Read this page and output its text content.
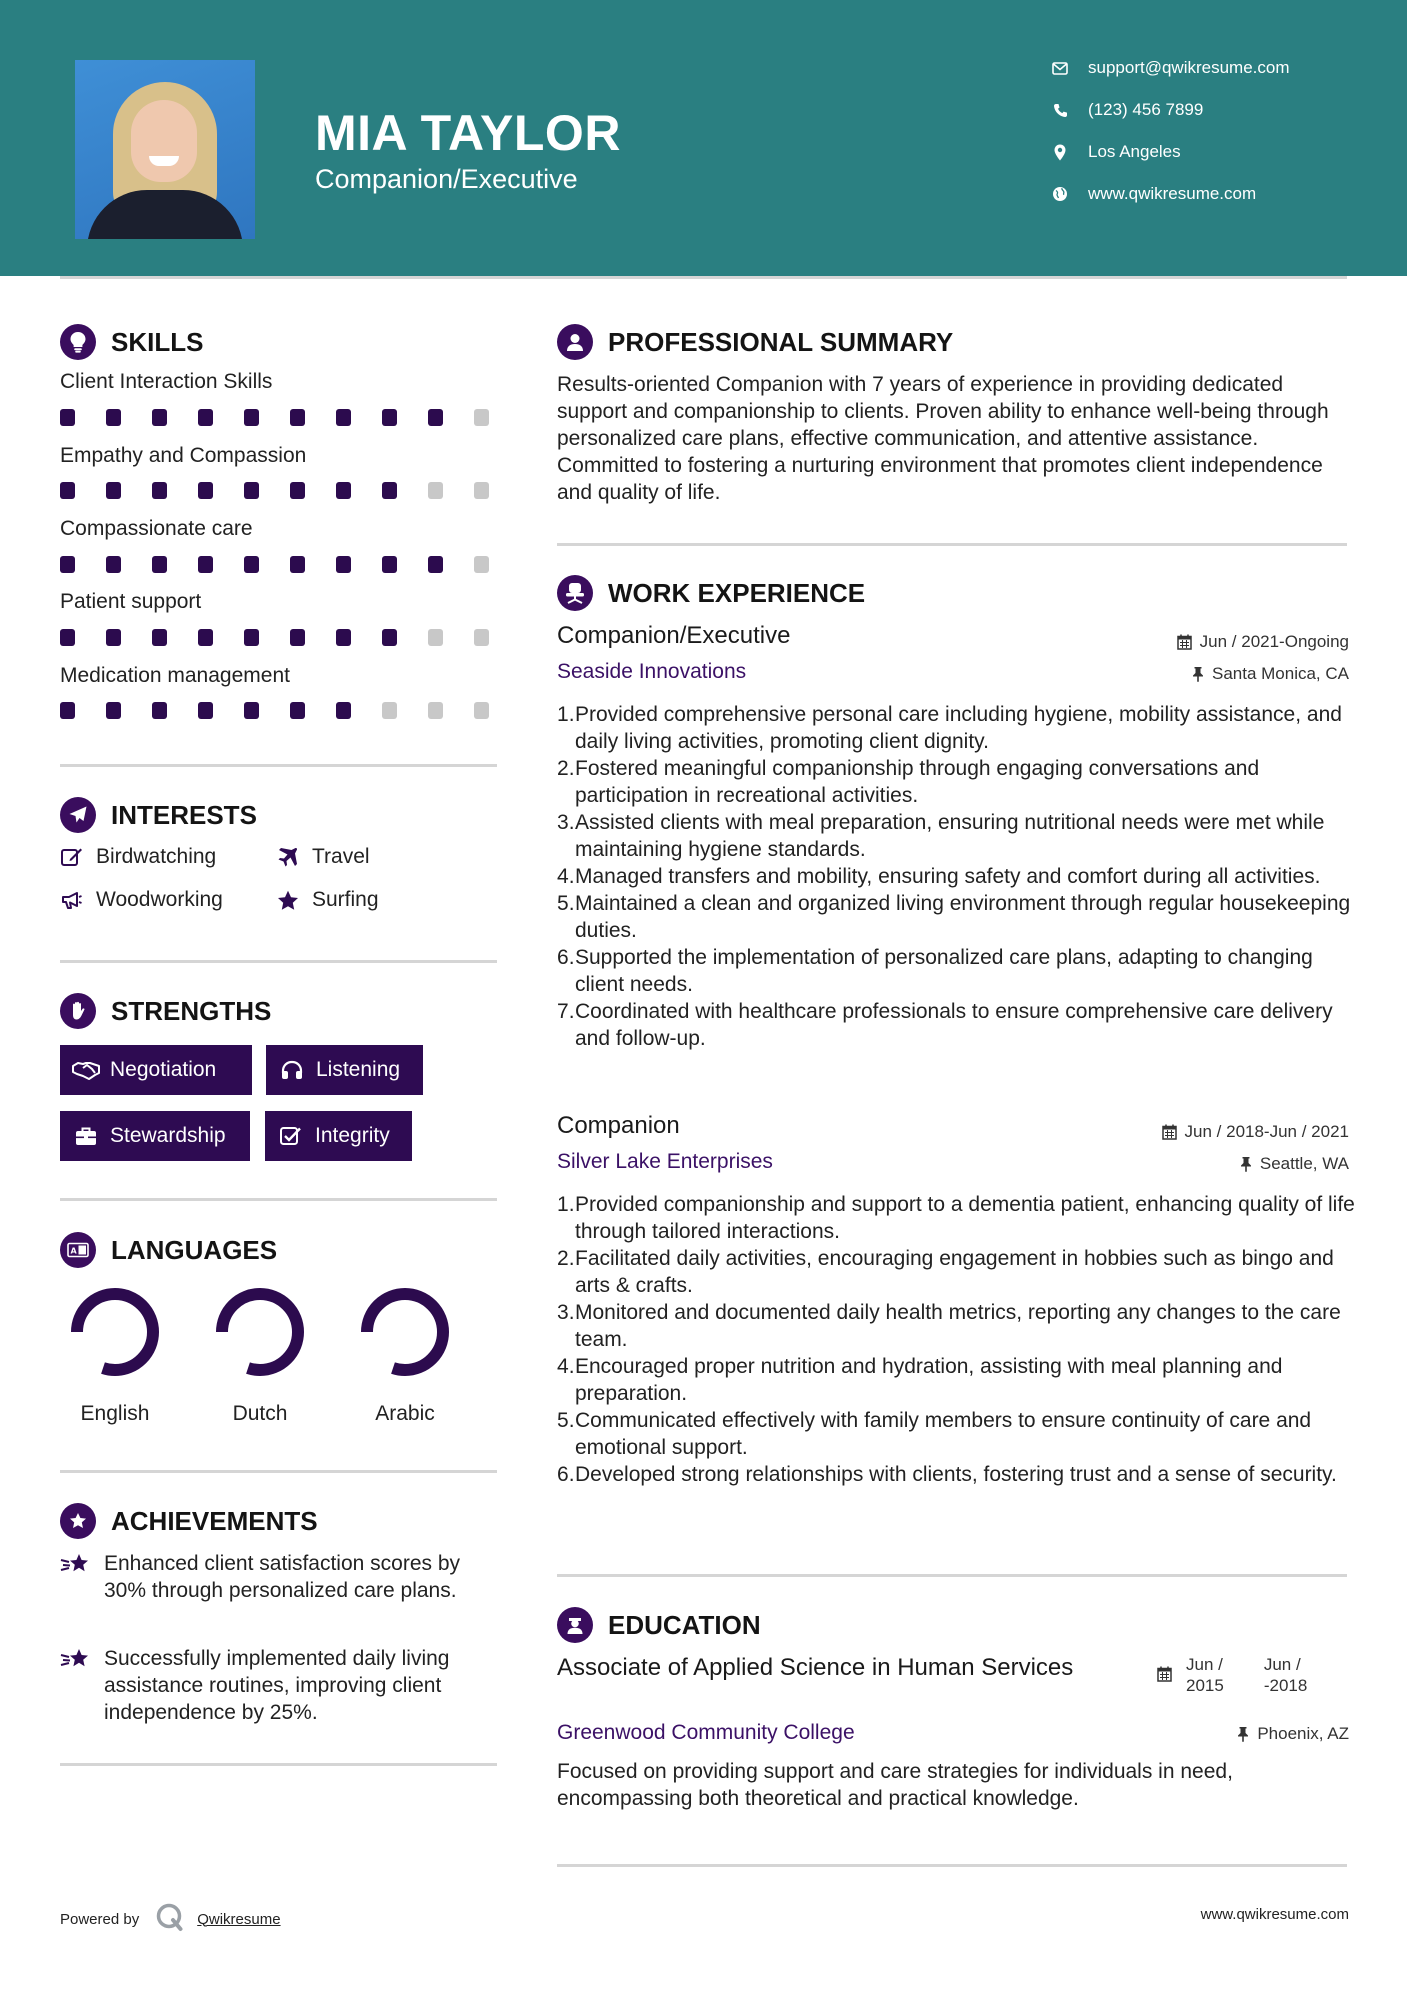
MIA TAYLOR
Companion/Executive
support@qwikresume.com
(123) 456 7899
Los Angeles
www.qwikresume.com
SKILLS
Client Interaction Skills
Empathy and Compassion
Compassionate care
Patient support
Medication management
INTERESTS
Birdwatching	Travel
Woodworking	Surfing
STRENGTHS
Negotiation	Listening
Stewardship	Integrity
A LANGUAGES
English	Dutch	Arabic
ACHIEVEMENTS
Enhanced client satisfaction scores by 30% through personalized care plans.
Successfully implemented daily living assistance routines, improving client independence by 25%.
PROFESSIONAL SUMMARY
Results-oriented Companion with 7 years of experience in providing dedicated support and companionship to clients. Proven ability to enhance well-being through personalized care plans, effective communication, and attentive assistance. Committed to fostering a nurturing environment that promotes client independence and quality of life.
WORK EXPERIENCE
Companion/Executive	Jun / 2021-Ongoing
Seaside Innovations	Santa Monica, CA
Provided comprehensive personal care including hygiene, mobility assistance, and daily living activities, promoting client dignity.
Fostered meaningful companionship through engaging conversations and participation in recreational activities.
Assisted clients with meal preparation, ensuring nutritional needs were met while maintaining hygiene standards.
Managed transfers and mobility, ensuring safety and comfort during all activities.
Maintained a clean and organized living environment through regular housekeeping duties.
Supported the implementation of personalized care plans, adapting to changing client needs.
Coordinated with healthcare professionals to ensure comprehensive care delivery and follow-up.
Companion	Jun / 2018-Jun / 2021
Silver Lake Enterprises	Seattle, WA
Provided companionship and support to a dementia patient, enhancing quality of life through tailored interactions.
Facilitated daily activities, encouraging engagement in hobbies such as bingo and arts & crafts.
Monitored and documented daily health metrics, reporting any changes to the care team.
Encouraged proper nutrition and hydration, assisting with meal planning and preparation.
Communicated effectively with family members to ensure continuity of care and emotional support.
Developed strong relationships with clients, fostering trust and a sense of security.
EDUCATION
Associate of Applied Science in Human Services	Jun /
2015
Jun /
-2018
Greenwood Community College	Phoenix, AZ
Focused on providing support and care strategies for individuals in need, encompassing both theoretical and practical knowledge.
Powered by	Qwikresume	www.qwikresume.com
